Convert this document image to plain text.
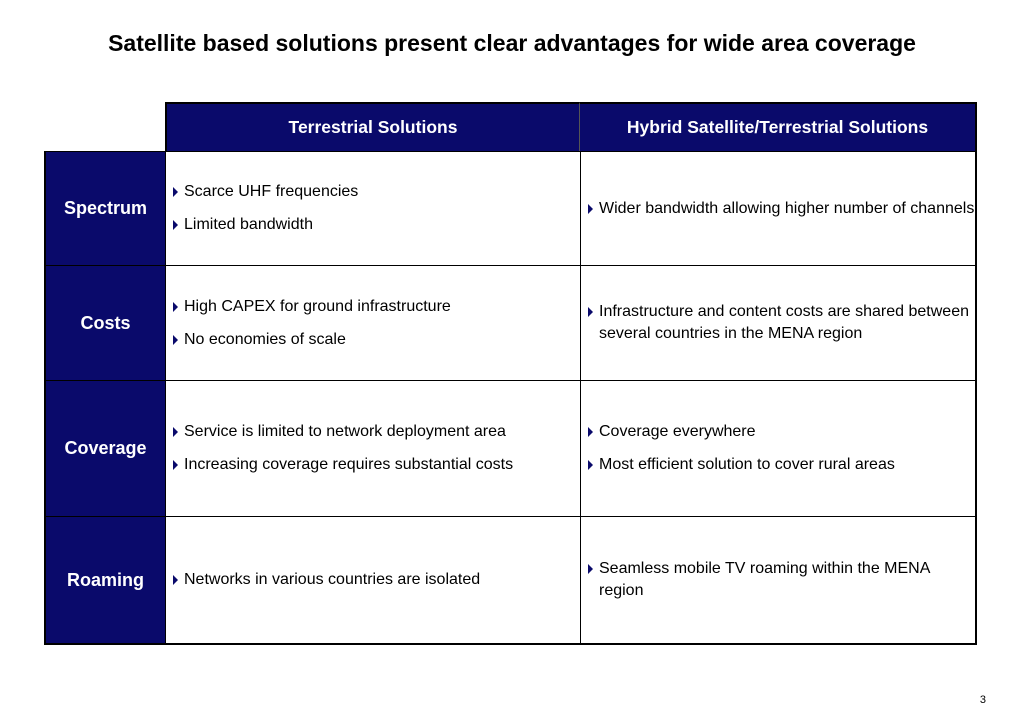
Satellite based solutions present clear advantages for wide area coverage
Terrestrial Solutions	Hybrid Satellite/Terrestrial Solutions
Spectrum
Scarce UHF frequencies
Limited bandwidth
Wider bandwidth allowing higher number of channels
Costs
High CAPEX for ground infrastructure
No economies of scale
Infrastructure and content costs are shared between several countries in the MENA region
Coverage
Service is limited to network deployment area
Increasing coverage requires substantial costs
Coverage everywhere
Most efficient solution to cover rural areas
Roaming	Networks in various countries are isolated
Seamless mobile TV roaming within the MENA region
3
